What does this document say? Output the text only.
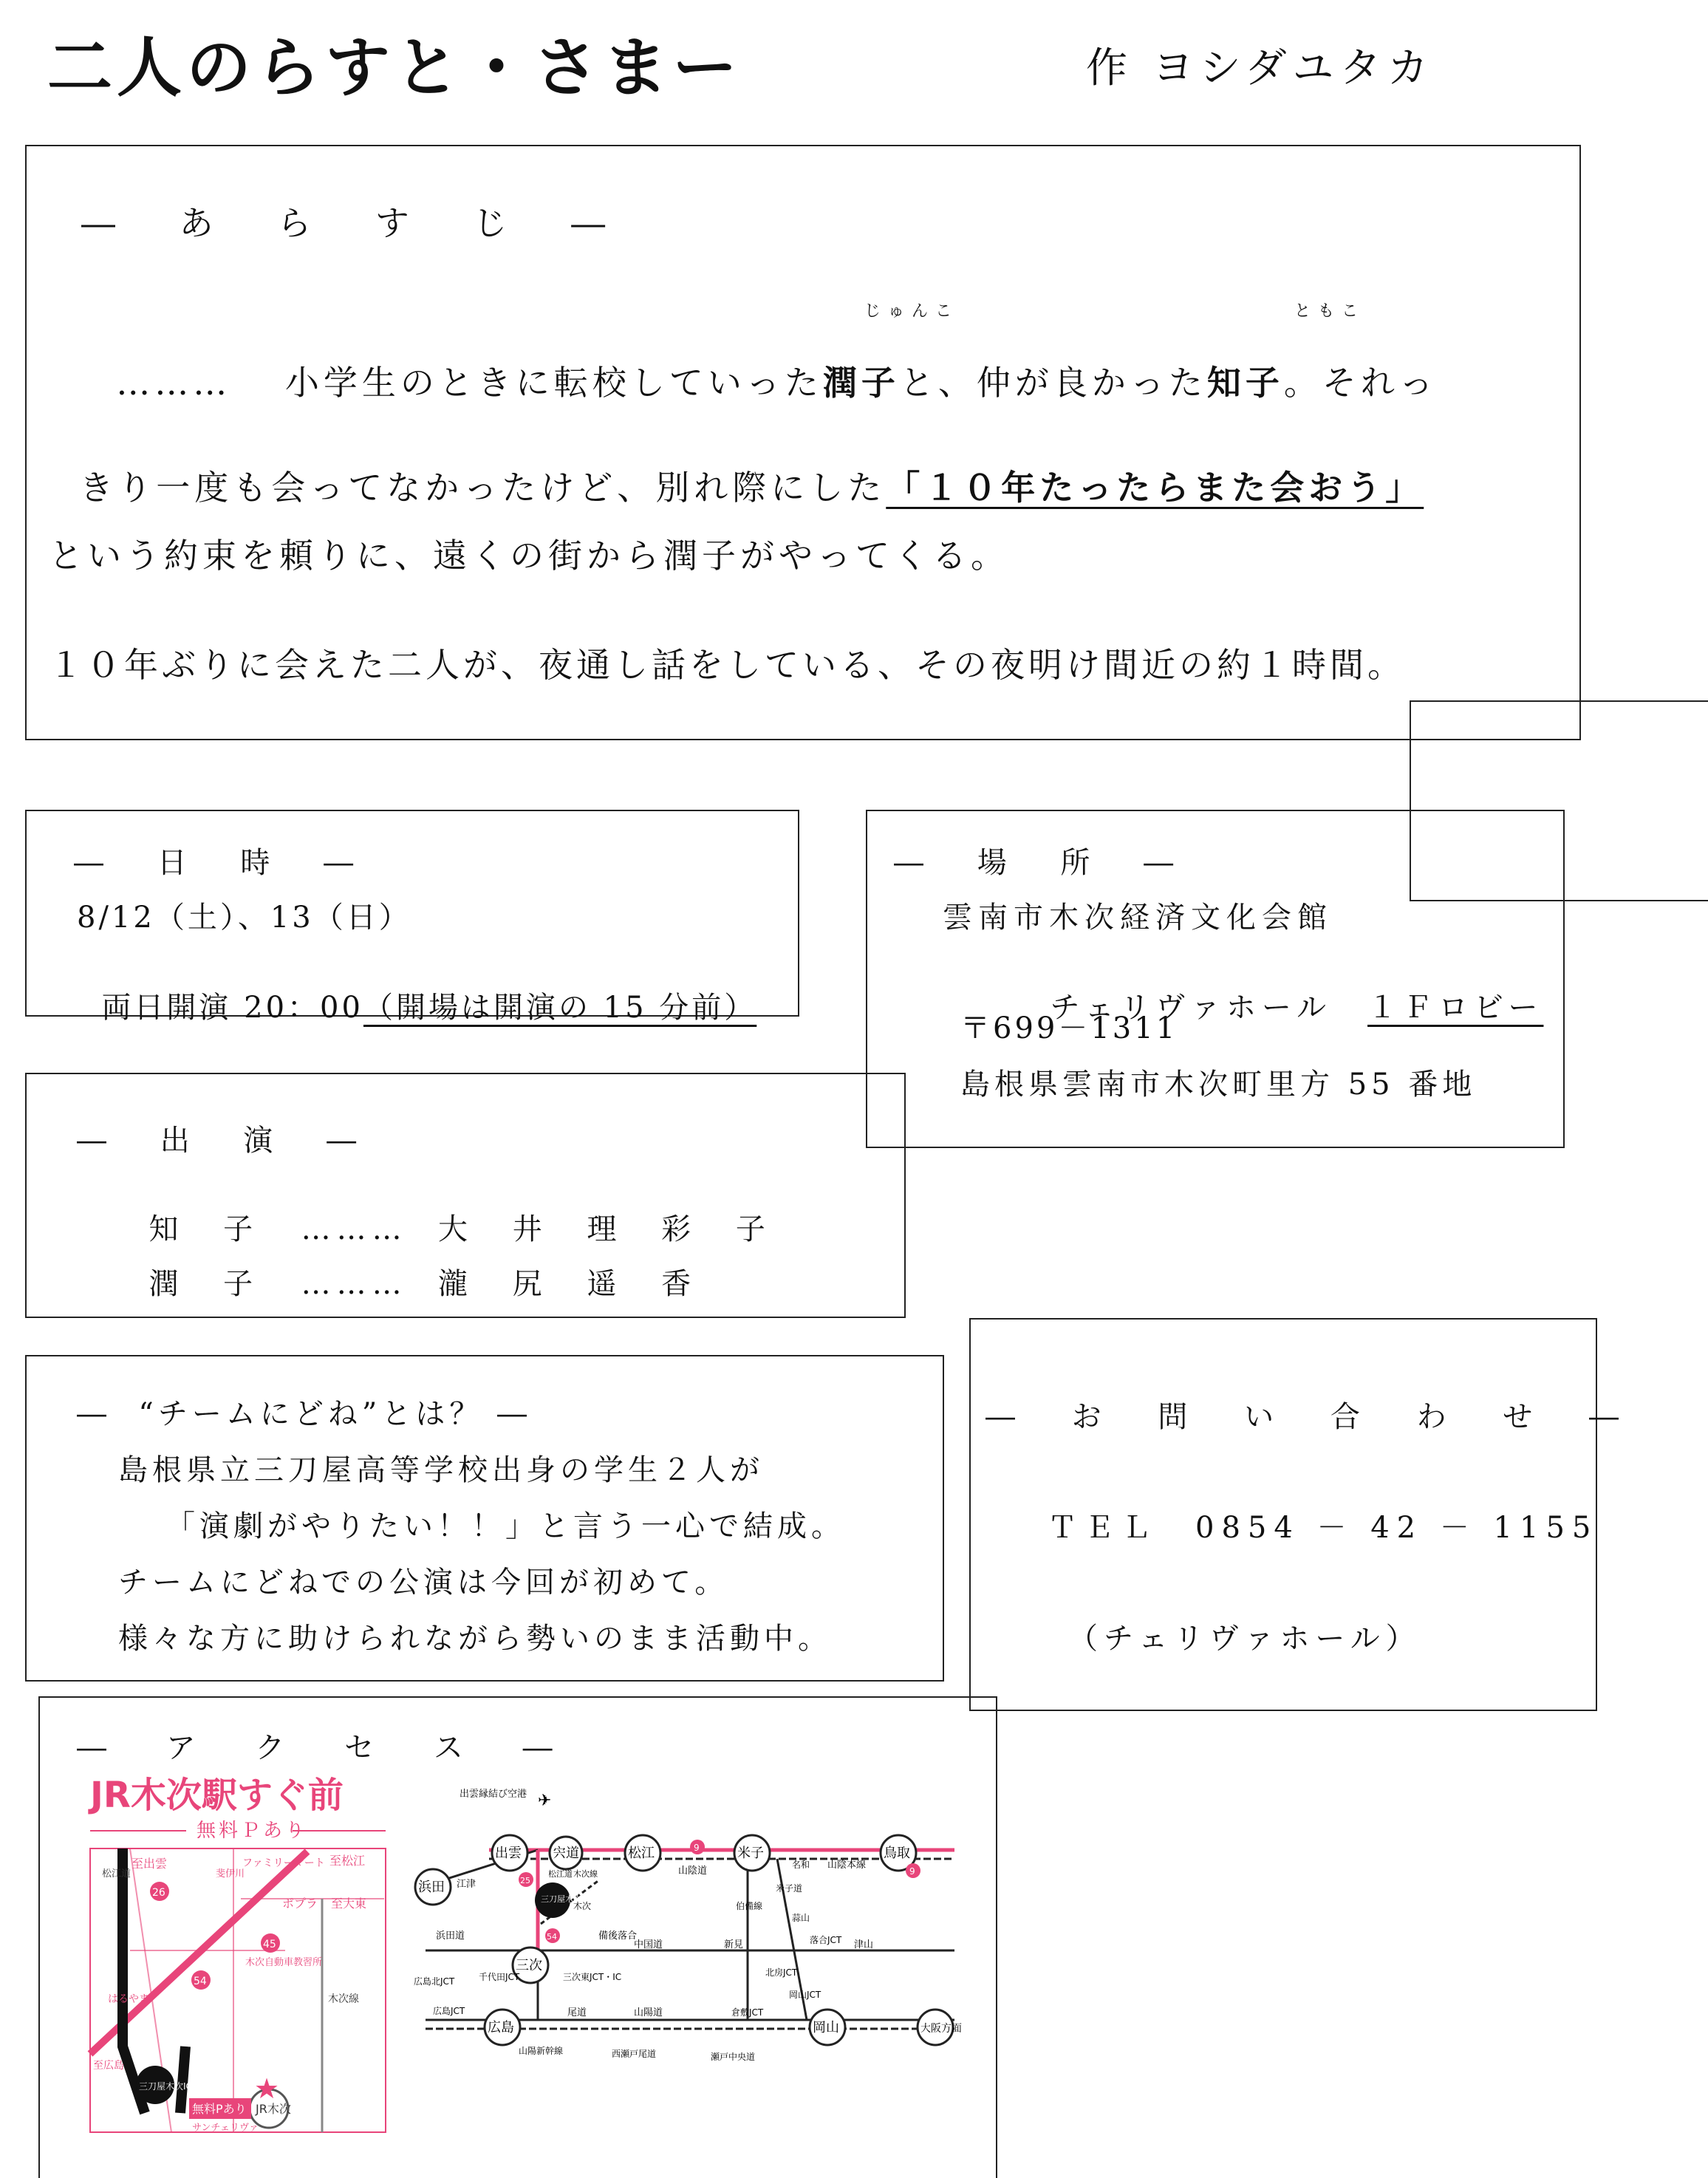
二人のらすと・さまー	作 ヨシダユタカ
― あ ら す じ ―
じゅんこ	ともこ

………　 小学生のときに転校していった潤子と、仲が良かった知子。それっ

きり一度も会ってなかったけど、別れ際にした「１０年たったらまた会おう」

という約束を頼りに、遠くの街から潤子がやってくる。
１０年ぶりに会えた二人が、夜通し話をしている、その夜明け間近の約１時間。
― 日 時 ―
8/12（土）、13（日）

両日開演 20：00（開場は開演の 15 分前）

― 場 所 ―
雲南市木次経済文化会館

チェリヴァホール　 １Ｆロビー

〒699－1311
島根県雲南市木次町里方 55 番地
― 出 演 ―

知 子 ……… 大 井 理 彩 子

潤 子 ……… 瀧 尻 遥 香

―  “チームにどね”とは？ ―
島根県立三刀屋高等学校出身の学生２人が
「演劇がやりたい！！」と言う一心で結成。
チームにどねでの公演は今回が初めて。
様々な方に助けられながら勢いのまま活動中。
― お 問 い 合 わ せ ―
ＴＥＬ　0854 － 42 － 1155
（チェリヴァホール）
― ア ク セ ス ―
JR木次駅すぐ前
無料Ｐあり
JR木次
三刀屋木次IC
無料Pあり
サンチェリヴァ
★
至出雲	至松江
ファミリーマート
ポプラ 至大東
木次自動車教習所
木次線
はるやま
至広島
松江道	斐伊川
26
54
45
出雲 宍道	松江	米子	鳥取
浜田
三刀屋木次
三次
広島	岡山	大阪方面
✈
出雲縁結び空港
山陰道
山陰本線
江津
浜田道	備後落合
中国道	新見	津山
落合JCT
北房JCT
山陽道
尾道	倉敷JCT
岡山JCT
山陽新幹線	西瀬戸尾道	瀬戸中央道
広島JCT
広島北JCT	千代田JCT	三次東JCT・IC
伯備線
米子道
蒜山
名和
木次
松江道 木次線
9
9
25
54
